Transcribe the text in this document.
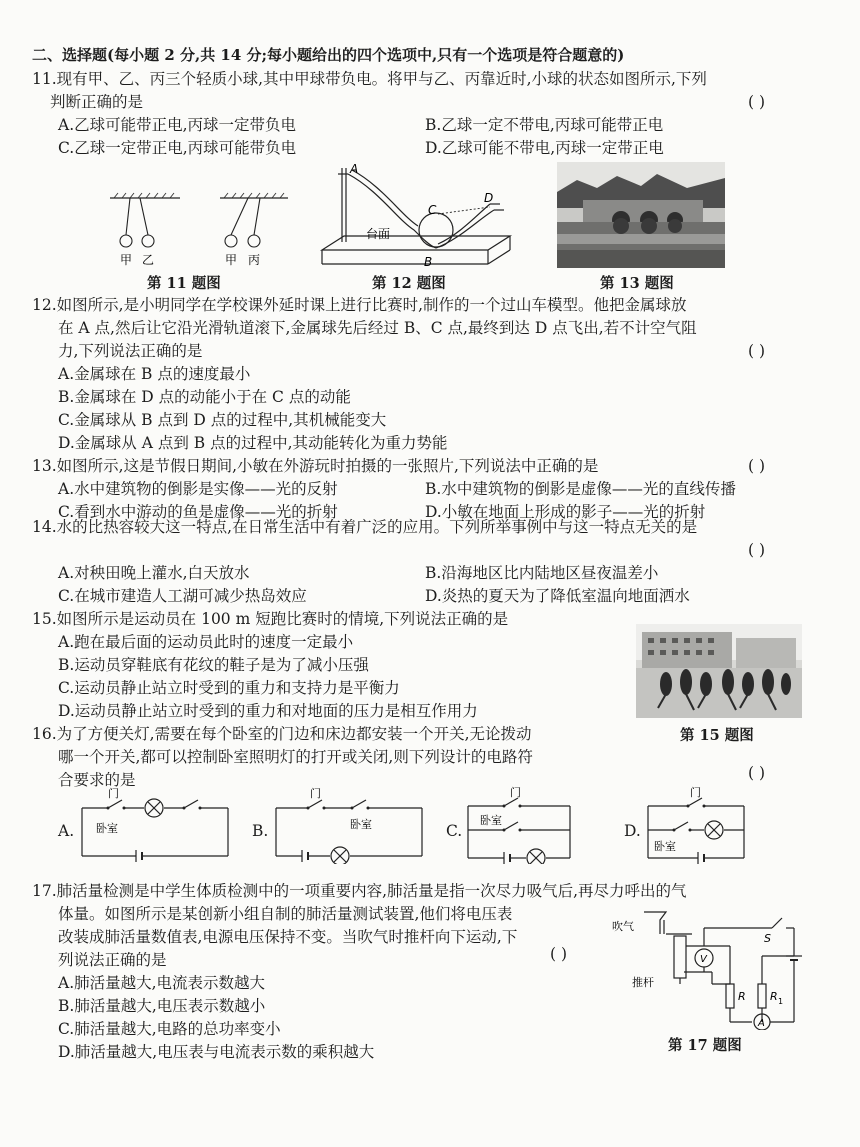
二、选择题(每小题 2 分,共 14 分;每小题给出的四个选项中,只有一个选项是符合题意的)
11.现有甲、乙、丙三个轻质小球,其中甲球带负电。将甲与乙、丙靠近时,小球的状态如图所示,下列
判断正确的是	( )
A.乙球可能带正电,丙球一定带负电	B.乙球一定不带电,丙球可能带正电
C.乙球一定带正电,丙球可能带负电	D.乙球可能不带电,丙球一定带正电
甲 乙	甲 丙
A
B
C
D
台面
第 11 题图	第 12 题图	第 13 题图
12.如图所示,是小明同学在学校课外延时课上进行比赛时,制作的一个过山车模型。他把金属球放
在 A 点,然后让它沿光滑轨道滚下,金属球先后经过 B、C 点,最终到达 D 点飞出,若不计空气阻
力,下列说法正确的是	( )
A.金属球在 B 点的速度最小
B.金属球在 D 点的动能小于在 C 点的动能
C.金属球从 B 点到 D 点的过程中,其机械能变大
D.金属球从 A 点到 B 点的过程中,其动能转化为重力势能
13.如图所示,这是节假日期间,小敏在外游玩时拍摄的一张照片,下列说法中正确的是	( )
A.水中建筑物的倒影是实像——光的反射	B.水中建筑物的倒影是虚像——光的直线传播
C.看到水中游动的鱼是虚像——光的折射	D.小敏在地面上形成的影子——光的折射
14.水的比热容较大这一特点,在日常生活中有着广泛的应用。下列所举事例中与这一特点无关的是
( )
A.对秧田晚上灌水,白天放水	B.沿海地区比内陆地区昼夜温差小
C.在城市建造人工湖可减少热岛效应	D.炎热的夏天为了降低室温向地面洒水
15.如图所示是运动员在 100 m 短跑比赛时的情境,下列说法正确的是
A.跑在最后面的运动员此时的速度一定最小
B.运动员穿鞋底有花纹的鞋子是为了减小压强
C.运动员静止站立时受到的重力和支持力是平衡力
D.运动员静止站立时受到的重力和对地面的压力是相互作用力
第 15 题图
16.为了方便关灯,需要在每个卧室的门边和床边都安装一个开关,无论拨动
哪一个开关,都可以控制卧室照明灯的打开或关闭,则下列设计的电路符
合要求的是	( )
A.
门
卧室	B.
门
卧室	C.
门
卧室
D.
门
卧室
17.肺活量检测是中学生体质检测中的一项重要内容,肺活量是指一次尽力吸气后,再尽力呼出的气
体量。如图所示是某创新小组自制的肺活量测试装置,他们将电压表
改装成肺活量数值表,电源电压保持不变。当吹气时推杆向下运动,下
列说法正确的是	( )
A.肺活量越大,电流表示数越大
B.肺活量越大,电压表示数越小
C.肺活量越大,电路的总功率变小
D.肺活量越大,电压表与电流表示数的乘积越大
吹气
推杆
S
V
A
R R 1
第 17 题图
